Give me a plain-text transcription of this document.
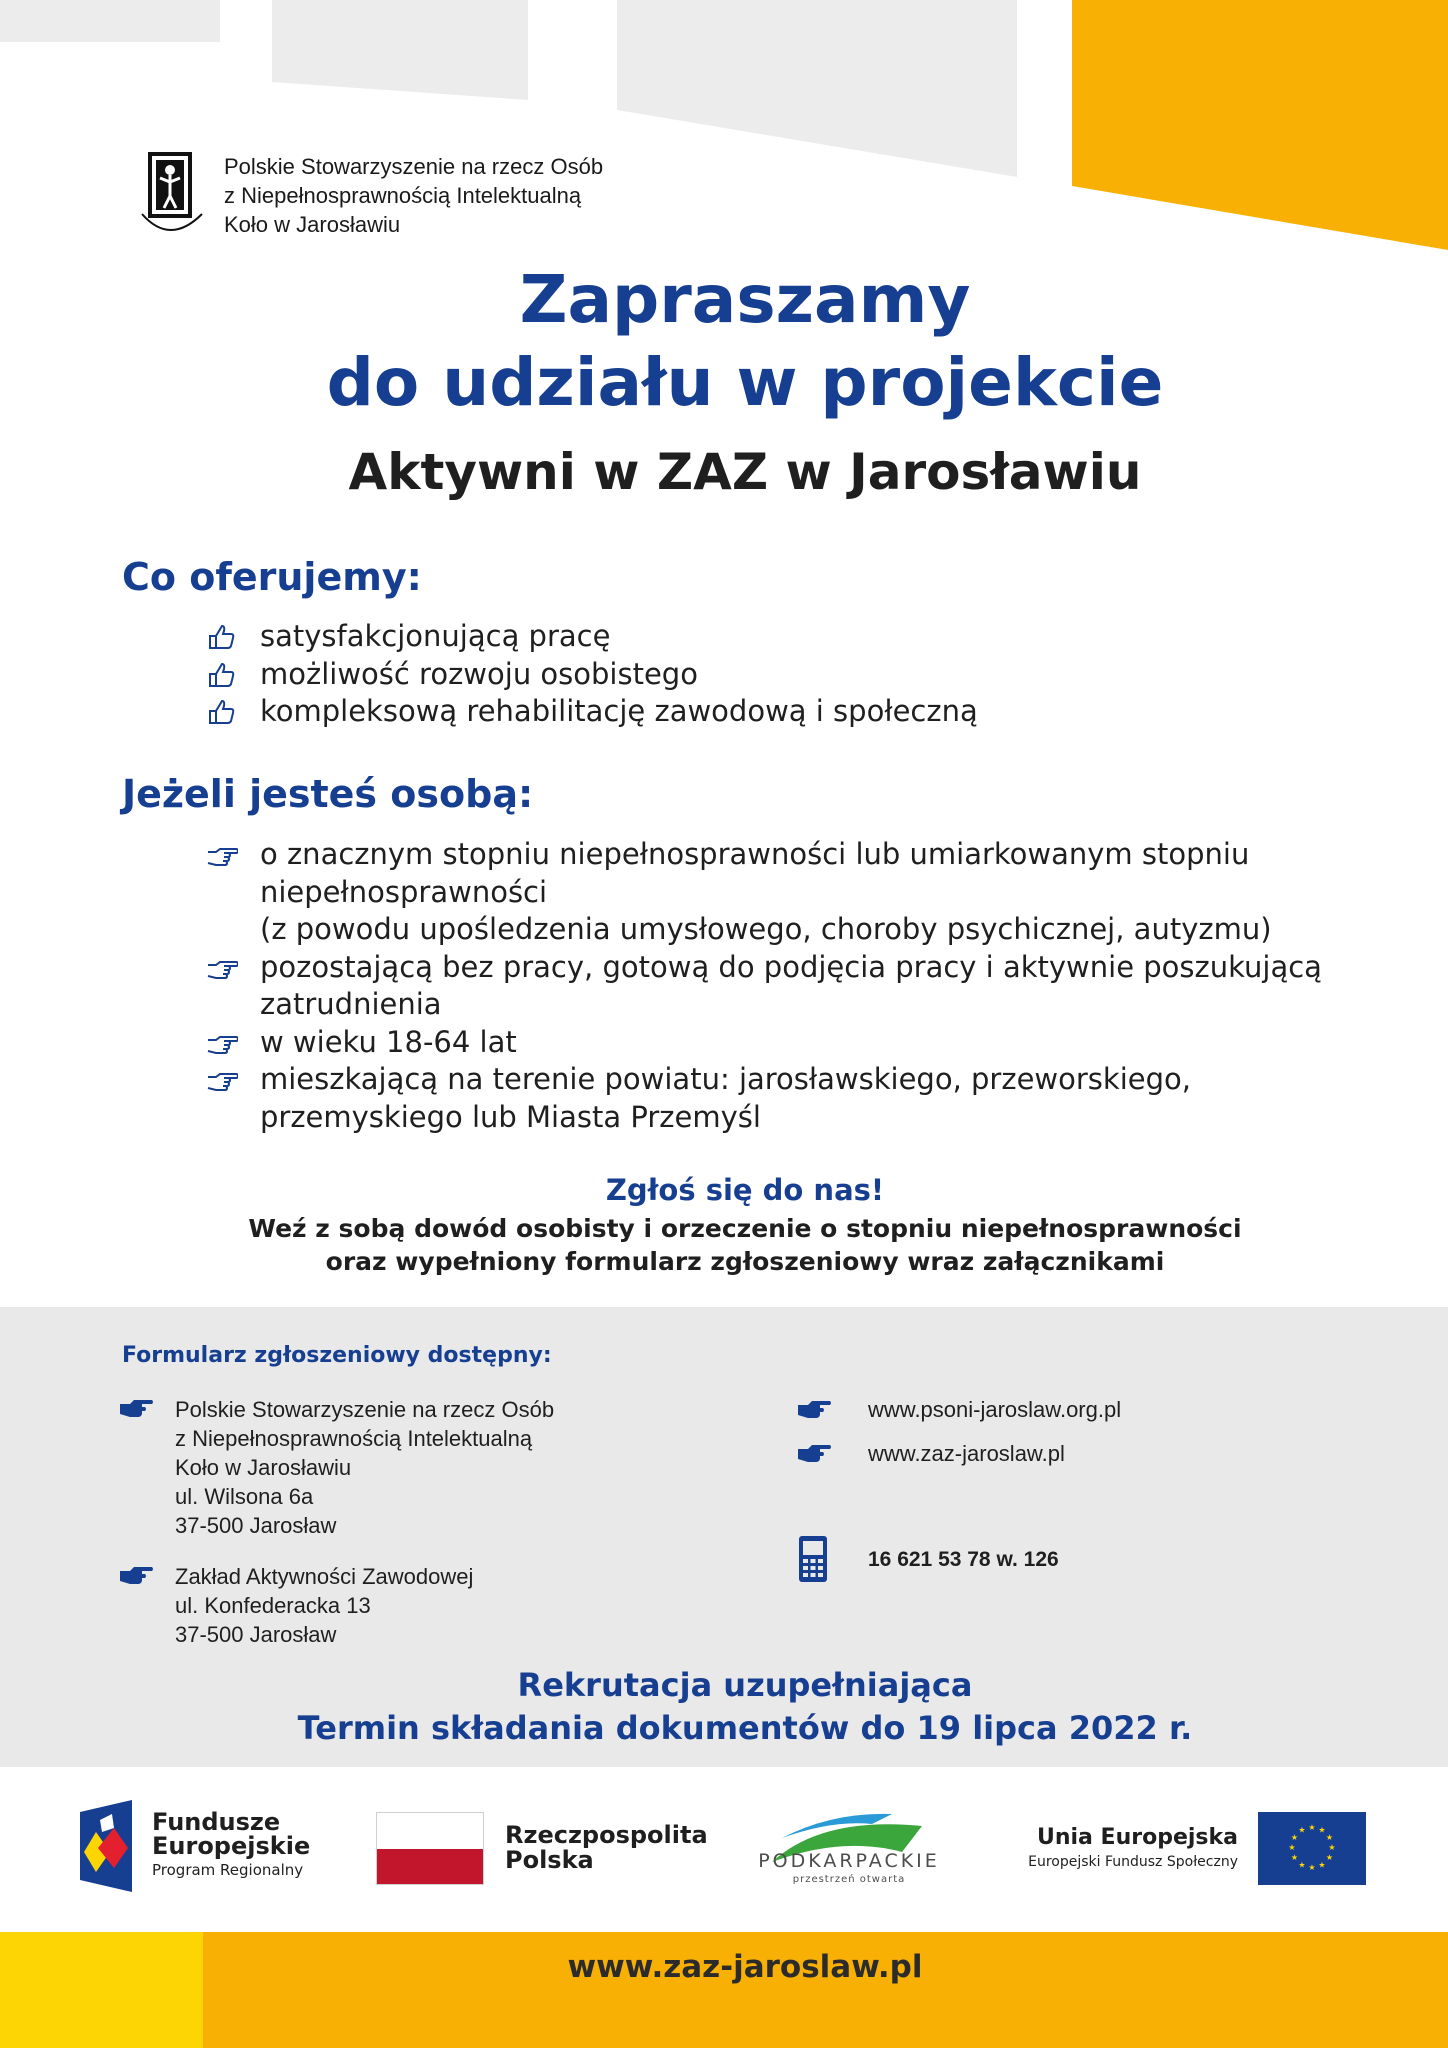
Polskie Stowarzyszenie na rzecz Osób
z Niepełnosprawnością Intelektualną
Koło w Jarosławiu
Zapraszamy
do udziału w projekcie
Aktywni w ZAZ w Jarosławiu
Co oferujemy:
satysfakcjonującą pracę
możliwość rozwoju osobistego
kompleksową rehabilitację zawodową i społeczną
Jeżeli jesteś osobą:
o znacznym stopniu niepełnosprawności lub umiarkowanym stopniu
niepełnosprawności
(z powodu upośledzenia umysłowego, choroby psychicznej, autyzmu)
pozostającą bez pracy, gotową do podjęcia pracy i aktywnie poszukującą
zatrudnienia
w wieku 18-64 lat
mieszkającą na terenie powiatu: jarosławskiego, przeworskiego,
przemyskiego lub Miasta Przemyśl
Zgłoś się do nas!
Weź z sobą dowód osobisty i orzeczenie o stopniu niepełnosprawności
oraz wypełniony formularz zgłoszeniowy wraz załącznikami
Formularz zgłoszeniowy dostępny:
Polskie Stowarzyszenie na rzecz Osób
z Niepełnosprawnością Intelektualną
Koło w Jarosławiu
ul. Wilsona 6a
37-500 Jarosław
Zakład Aktywności Zawodowej
ul. Konfederacka 13
37-500 Jarosław
www.psoni-jaroslaw.org.pl
www.zaz-jaroslaw.pl
16 621 53 78 w. 126
Rekrutacja uzupełniająca
Termin składania dokumentów do 19 lipca 2022 r.
Fundusze
Europejskie
Program Regionalny
Rzeczpospolita
Polska	PODKARPACKIE
przestrzeń otwarta
Unia Europejska
Europejski Fundusz Społeczny
★ ★
★
★
★
★
★
★
★
★
★
★
www.zaz-jaroslaw.pl
